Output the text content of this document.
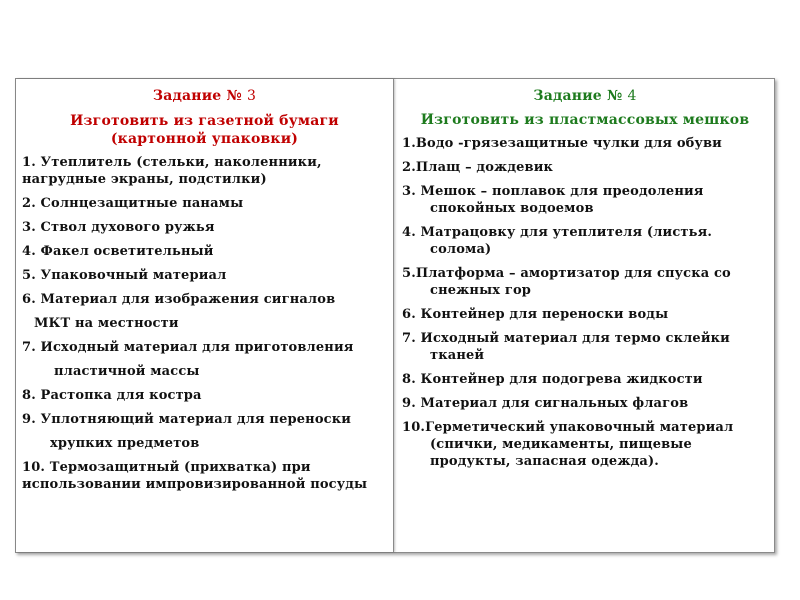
Задание № 3

Изготовить из газетной бумаги
(картонной упаковки)

1. Утеплитель (стельки, наколенники,
нагрудные экраны, подстилки)
2. Солнцезащитные панамы
3. Ствол духового ружья
4. Факел осветительный
5. Упаковочный материал
6. Материал для изображения сигналов
МКТ на местности
7. Исходный материал для приготовления
пластичной массы
8. Растопка для костра
9. Уплотняющий материал для переноски
хрупких предметов
10. Термозащитный (прихватка) при
использовании импровизированной посуды

Задание № 4

Изготовить из пластмассовых мешков

1.Водо -грязезащитные чулки для обуви
2.Плащ – дождевик
3. Мешок – поплавок для преодоления
спокойных водоемов
4. Матрацовку для утеплителя (листья.
солома)
5.Платформа – амортизатор для спуска со
снежных гор
6. Контейнер для переноски воды
7. Исходный материал для термо склейки
тканей
8. Контейнер для подогрева жидкости
9. Материал для сигнальных флагов
10.Герметический упаковочный материал
(спички, медикаменты, пищевые
продукты, запасная одежда).
